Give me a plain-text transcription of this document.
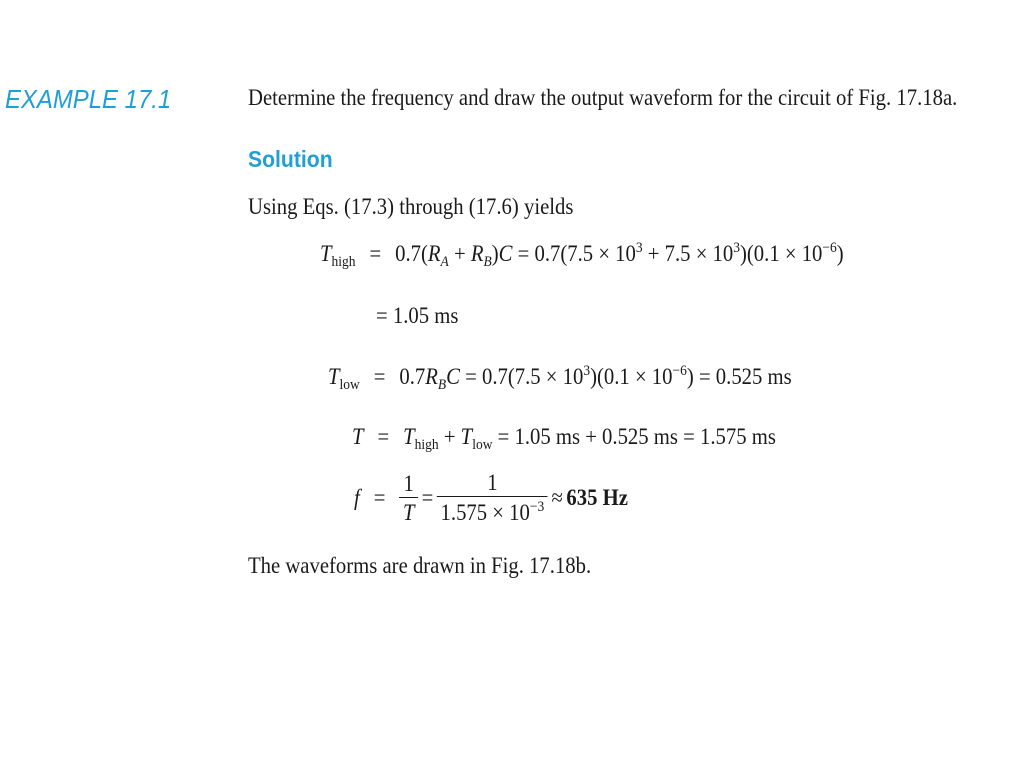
EXAMPLE 17.1	Determine the frequency and draw the output waveform for the circuit of Fig. 17.18a.
Solution
Using Eqs. (17.3) through (17.6) yields
$T_{high} = 0.7(R_A + R_B)C = 0.7(7.5 \times 10^3 + 7.5 \times 10^3)(0.1 \times 10^{-6})$
= 1.05 ms
$T_{low} = 0.7R_BC = 0.7(7.5 \times 10^3)(0.1 \times 10^{-6}) = 0.525$ ms
$T = T_{high} + T_{low} = 1.05$ ms + 0.525 ms = 1.575 ms
$f = \frac{1}{T} = \frac{1}{1.575 \times 10^{-3}} \approx 635$ Hz
The waveforms are drawn in Fig. 17.18b.
